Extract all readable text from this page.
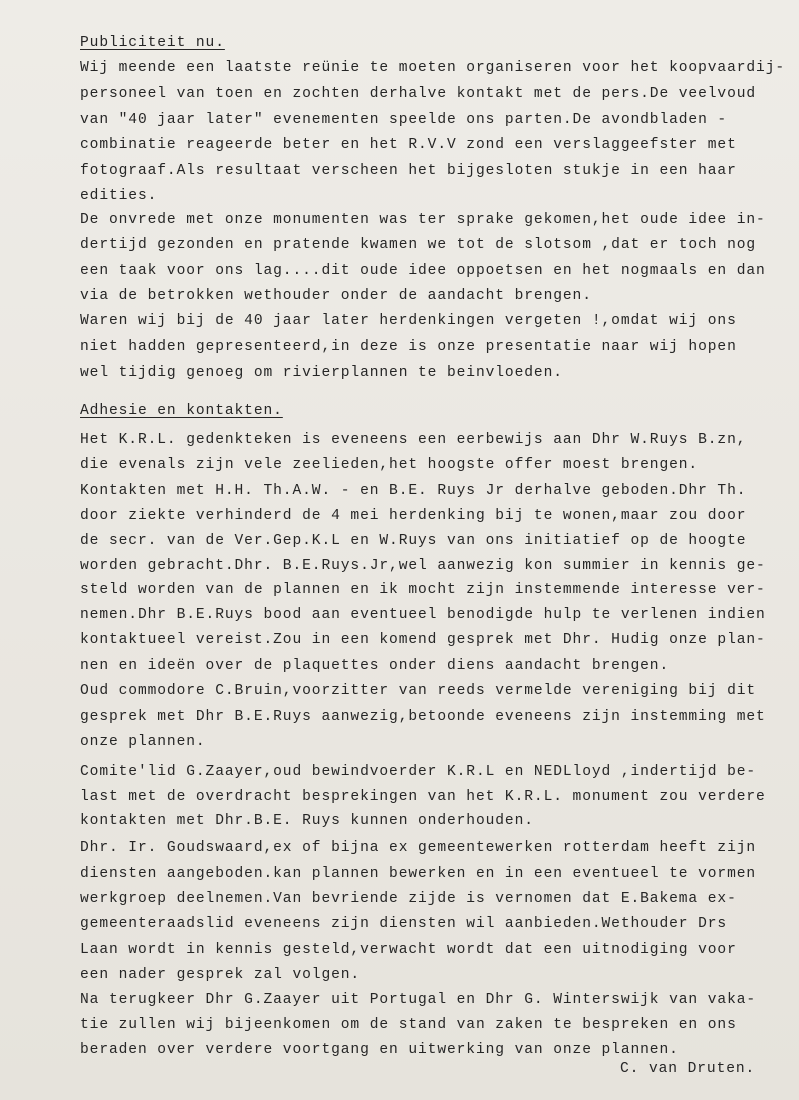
Publiciteit nu.

Wij meende een laatste reünie te moeten organiseren voor het koopvaardij-

personeel van toen en zochten derhalve kontakt met de pers.De veelvoud

van "40 jaar later" evenementen speelde ons parten.De avondbladen -

combinatie reageerde beter en het R.V.V zond een verslaggeefster met

fotograaf.Als resultaat verscheen het bijgesloten stukje in een haar

edities.

De onvrede met onze monumenten was ter sprake gekomen,het oude idee in-

dertijd gezonden en pratende kwamen we tot de slotsom ,dat er toch nog

een taak voor ons lag....dit oude idee oppoetsen en het nogmaals en dan

via de betrokken wethouder onder de aandacht brengen.

Waren wij bij de 40 jaar later herdenkingen vergeten !,omdat wij ons

niet hadden gepresenteerd,in deze is onze presentatie naar wij hopen

wel tijdig genoeg om rivierplannen te beinvloeden.

Adhesie en kontakten.

Het K.R.L. gedenkteken is eveneens een eerbewijs aan Dhr W.Ruys B.zn,

die evenals zijn vele zeelieden,het hoogste offer moest brengen.

Kontakten met H.H. Th.A.W. - en B.E. Ruys Jr derhalve geboden.Dhr Th.

door ziekte verhinderd de 4 mei herdenking bij te wonen,maar zou door

de secr. van de Ver.Gep.K.L en W.Ruys van ons initiatief op de hoogte

worden gebracht.Dhr. B.E.Ruys.Jr,wel aanwezig kon summier in kennis ge-

steld worden van de plannen en ik mocht zijn instemmende interesse ver-

nemen.Dhr B.E.Ruys bood aan eventueel benodigde hulp te verlenen indien

kontaktueel vereist.Zou in een komend gesprek met Dhr. Hudig onze plan-

nen en ideën over de plaquettes onder diens aandacht brengen.

Oud commodore C.Bruin,voorzitter van reeds vermelde vereniging bij dit

gesprek met Dhr B.E.Ruys aanwezig,betoonde eveneens zijn instemming met

onze plannen.

Comite'lid G.Zaayer,oud bewindvoerder K.R.L en NEDLloyd ,indertijd be-

last met de overdracht besprekingen van het K.R.L. monument zou verdere

kontakten met Dhr.B.E. Ruys kunnen onderhouden.

Dhr. Ir. Goudswaard,ex of bijna ex gemeentewerken rotterdam heeft zijn

diensten aangeboden.kan plannen bewerken en in een eventueel te vormen

werkgroep deelnemen.Van bevriende zijde is vernomen dat E.Bakema ex-

gemeenteraadslid eveneens zijn diensten wil aanbieden.Wethouder Drs

Laan wordt in kennis gesteld,verwacht wordt dat een uitnodiging voor

een nader gesprek zal volgen.

Na terugkeer Dhr G.Zaayer uit Portugal en Dhr G. Winterswijk van vaka-

tie zullen wij bijeenkomen om de stand van zaken te bespreken en ons

beraden over verdere voortgang en uitwerking van onze plannen.

C. van Druten.
